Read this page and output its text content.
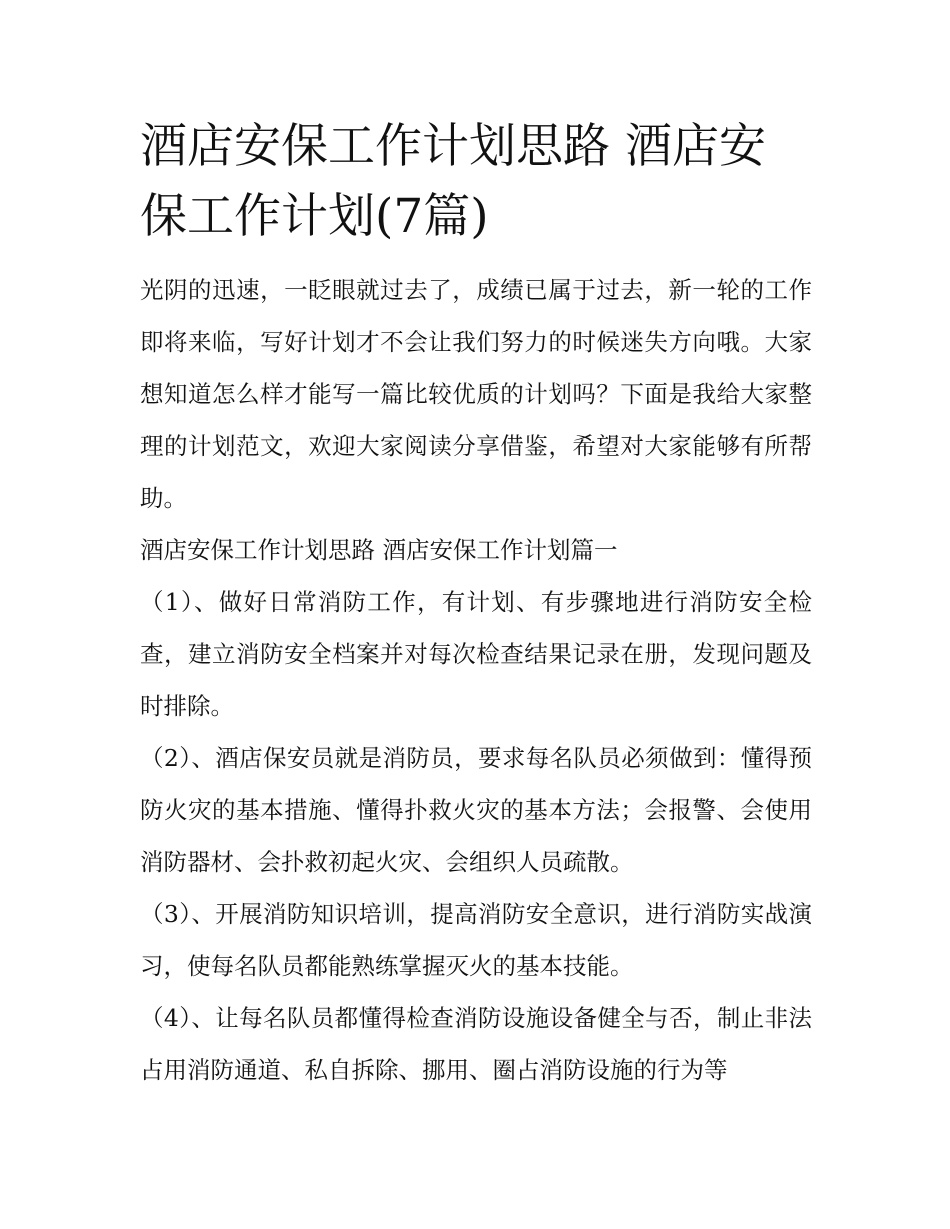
酒店安保工作计划思路 酒店安保工作计划(7篇)

光阴的迅速，一眨眼就过去了，成绩已属于过去，新一轮的工作即将来临，写好计划才不会让我们努力的时候迷失方向哦。大家想知道怎么样才能写一篇比较优质的计划吗？下面是我给大家整理的计划范文，欢迎大家阅读分享借鉴，希望对大家能够有所帮助。

酒店安保工作计划思路 酒店安保工作计划篇一

（1）、做好日常消防工作，有计划、有步骤地进行消防安全检查，建立消防安全档案并对每次检查结果记录在册，发现问题及时排除。

（2）、酒店保安员就是消防员，要求每名队员必须做到：懂得预防火灾的基本措施、懂得扑救火灾的基本方法；会报警、会使用消防器材、会扑救初起火灾、会组织人员疏散。

（3）、开展消防知识培训，提高消防安全意识，进行消防实战演习，使每名队员都能熟练掌握灭火的基本技能。

（4）、让每名队员都懂得检查消防设施设备健全与否，制止非法占用消防通道、私自拆除、挪用、圈占消防设施的行为等
